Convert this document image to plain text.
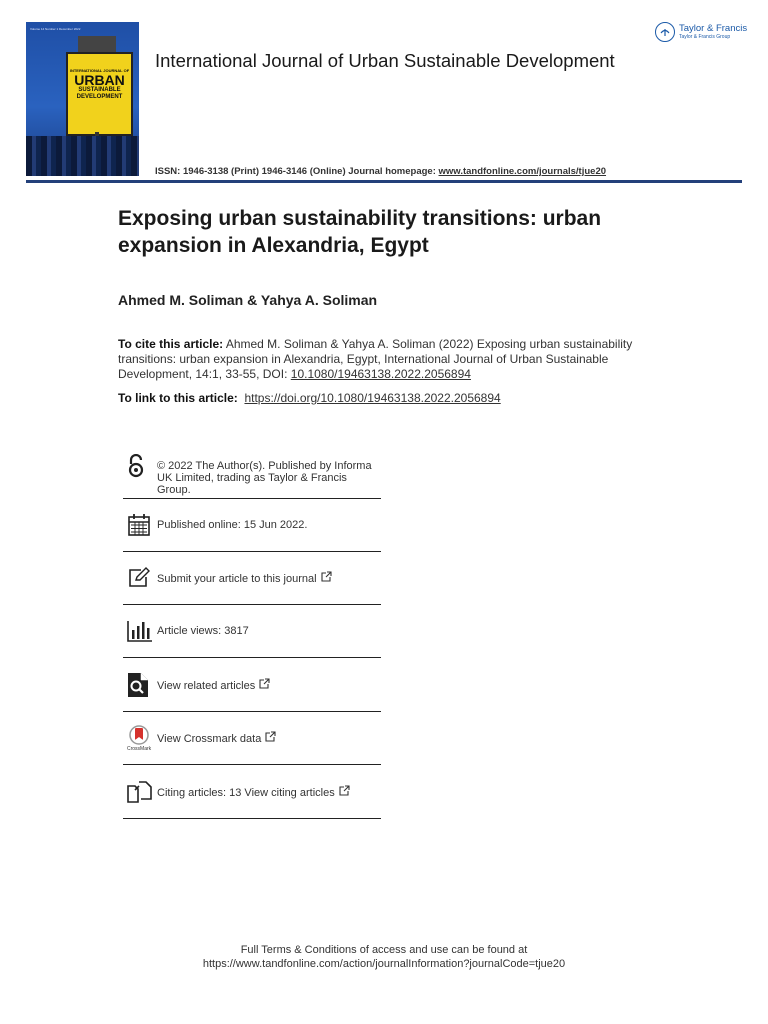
Volume 14 Number 1 December 2022
INTERNATIONAL JOURNAL OF
URBAN
SUSTAINABLE
DEVELOPMENT
International Journal of Urban Sustainable Development
ISSN: 1946-3138 (Print) 1946-3146 (Online) Journal homepage: www.tandfonline.com/journals/tjue20
Taylor & Francis
Taylor & Francis Group
Exposing urban sustainability transitions: urban expansion in Alexandria, Egypt
Ahmed M. Soliman & Yahya A. Soliman
To cite this article: Ahmed M. Soliman & Yahya A. Soliman (2022) Exposing urban sustainability transitions: urban expansion in Alexandria, Egypt, International Journal of Urban Sustainable Development, 14:1, 33-55, DOI: 10.1080/19463138.2022.2056894
To link to this article: https://doi.org/10.1080/19463138.2022.2056894
© 2022 The Author(s). Published by Informa UK Limited, trading as Taylor & Francis Group.
Published online: 15 Jun 2022.
Submit your article to this journal
Article views: 3817
View related articles
CrossMark
View Crossmark data
Citing articles: 13 View citing articles
Full Terms & Conditions of access and use can be found at
https://www.tandfonline.com/action/journalInformation?journalCode=tjue20
